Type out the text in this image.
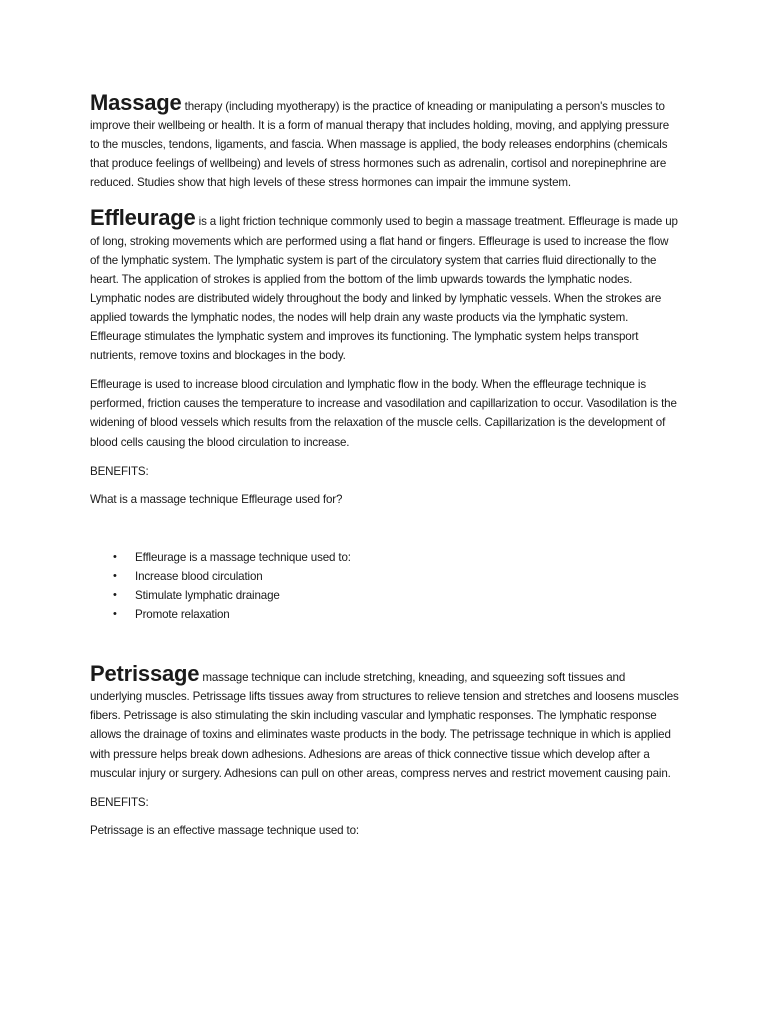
Massage therapy (including myotherapy) is the practice of kneading or manipulating a person's muscles to improve their wellbeing or health. It is a form of manual therapy that includes holding, moving, and applying pressure to the muscles, tendons, ligaments, and fascia. When massage is applied, the body releases endorphins (chemicals that produce feelings of wellbeing) and levels of stress hormones such as adrenalin, cortisol and norepinephrine are reduced. Studies show that high levels of these stress hormones can impair the immune system.

Effleurage is a light friction technique commonly used to begin a massage treatment. Effleurage is made up of long, stroking movements which are performed using a flat hand or fingers. Effleurage is used to increase the flow of the lymphatic system. The lymphatic system is part of the circulatory system that carries fluid directionally to the heart. The application of strokes is applied from the bottom of the limb upwards towards the lymphatic nodes. Lymphatic nodes are distributed widely throughout the body and linked by lymphatic vessels. When the strokes are applied towards the lymphatic nodes, the nodes will help drain any waste products via the lymphatic system. Effleurage stimulates the lymphatic system and improves its functioning. The lymphatic system helps transport nutrients, remove toxins and blockages in the body.

Effleurage is used to increase blood circulation and lymphatic flow in the body. When the effleurage technique is performed, friction causes the temperature to increase and vasodilation and capillarization to occur. Vasodilation is the widening of blood vessels which results from the relaxation of the muscle cells. Capillarization is the development of blood cells causing the blood circulation to increase.

BENEFITS:

What is a massage technique Effleurage used for?

• Effleurage is a massage technique used to:
• Increase blood circulation
• Stimulate lymphatic drainage
• Promote relaxation

Petrissage massage technique can include stretching, kneading, and squeezing soft tissues and underlying muscles. Petrissage lifts tissues away from structures to relieve tension and stretches and loosens muscles fibers. Petrissage is also stimulating the skin including vascular and lymphatic responses. The lymphatic response allows the drainage of toxins and eliminates waste products in the body. The petrissage technique in which is applied with pressure helps break down adhesions. Adhesions are areas of thick connective tissue which develop after a muscular injury or surgery. Adhesions can pull on other areas, compress nerves and restrict movement causing pain.

BENEFITS:

Petrissage is an effective massage technique used to:
